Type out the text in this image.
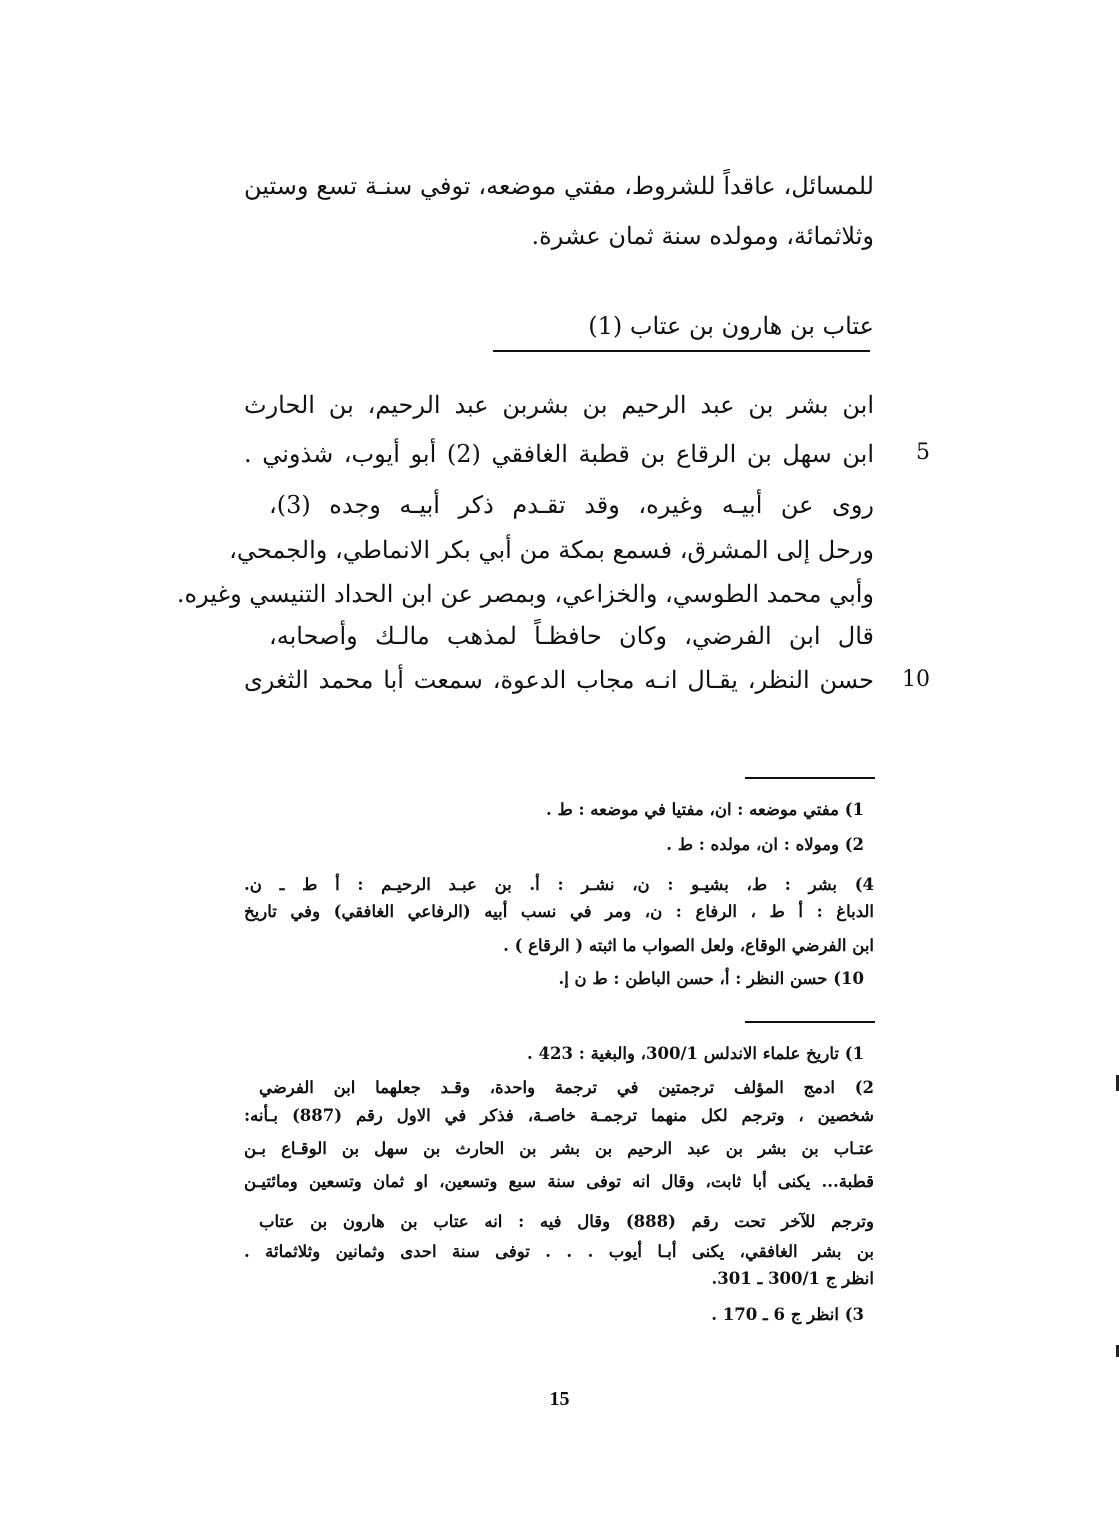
للمسائل، عاقداً للشروط، مفتي موضعه، توفي سنـة تسع وستين
وثلاثمائة، ومولده سنة ثمان عشرة.
عتاب بن هارون بن عتاب (1)
ابن بشر بن عبد الرحيم بن بشربن عبد الرحيم، بن الحارث
ابن سهل بن الرقاع بن قطبة الغافقي (2) أبو أيوب، شذوني .	5
روى عن أبيـه وغيره، وقد تقـدم ذكر أبيـه وجده (3)،
ورحل إلى المشرق، فسمع بمكة من أبي بكر الانماطي، والجمحي،
وأبي محمد الطوسي، والخزاعي، وبمصر عن ابن الحداد التنيسي وغيره.
قال ابن الفرضي، وكان حافظـاً لمذهب مالـك وأصحابه،
حسن النظر، يقـال انـه مجاب الدعوة، سمعت أبا محمد الثغرى	10
1) مفتي موضعه : ان، مفتيا في موضعه : ط .
2) ومولاه : ان، مولده : ط .
4) بشر : ط، بشيـو : ن، نشـر : أ. بن عبـد الرحيـم : أ ط ـ ن.
الدباغ : أ ط ، الرفاع : ن، ومر في نسب أبيه (الرفاعي الغافقي) وفي تاريخ
ابن الفرضي الوقاع، ولعل الصواب ما اثبته ( الرقاع ) .
10) حسن النظر : أ، حسن الباطن : ط ن إ.
1) تاريخ علماء الاندلس 300/1، والبغية : 423 .
2) ادمج المؤلف ترجمتين في ترجمة واحدة، وقـد جعلهما ابن الفرضي
شخصين ، وترجم لكل منهما ترجمـة خاصـة، فذكر في الاول رقم (887) بـأنه:
عتـاب بن بشر بن عبد الرحيم بن بشر بن الحارث بن سهل بن الوقـاع بـن
قطبة... يكنى أبا ثابت، وقال انه توفى سنة سبع وتسعين، او ثمان وتسعين ومائتيـن
وترجم للآخر تحت رقم (888) وقال فيه : انه عتاب بن هارون بن عتاب
بن بشر الغافقي، يكنى أبـا أيوب . . . توفى سنة احدى وثمانين وثلاثمائة .
انظر ج 300/1 ـ 301.
3) انظر ج 6 ـ 170 .
15
